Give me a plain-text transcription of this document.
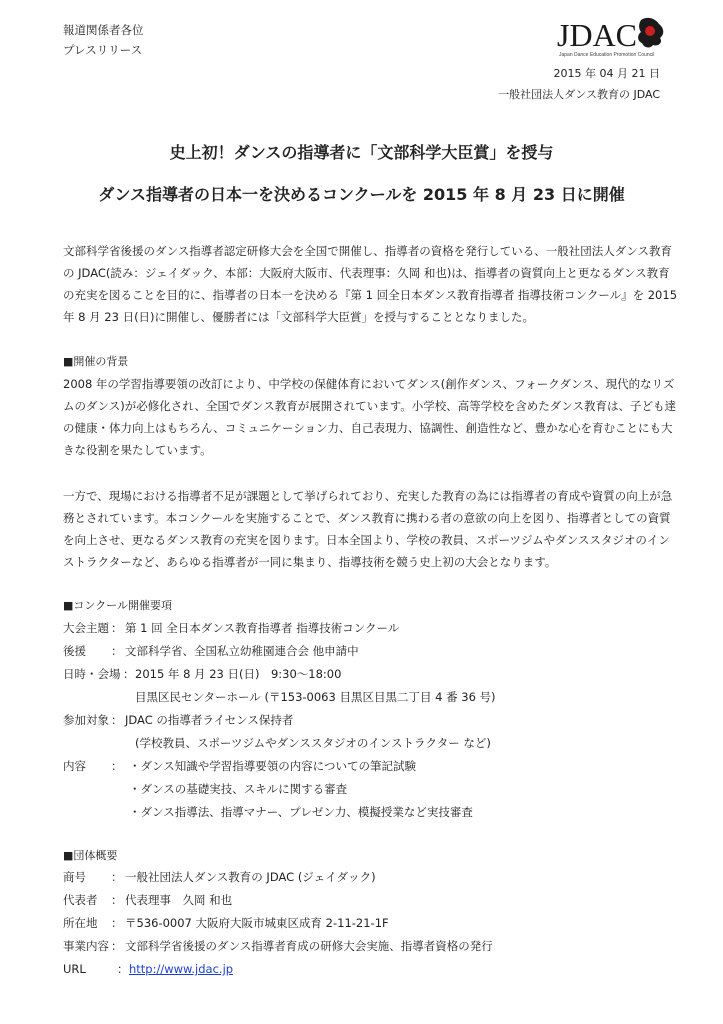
報道関係者各位
プレスリリース	JDAC
Japan Dance Education Promotion Council
2015 年 04 月 21 日
一般社団法人ダンス教育の JDAC
史上初！ダンスの指導者に「文部科学大臣賞」を授与
ダンス指導者の日本一を決めるコンクールを 2015 年 8 月 23 日に開催
文部科学省後援のダンス指導者認定研修大会を全国で開催し、指導者の資格を発行している、一般社団法人ダンス教育
の JDAC(読み：ジェイダック、本部：大阪府大阪市、代表理事：久岡 和也)は、指導者の資質向上と更なるダンス教育
の充実を図ることを目的に、指導者の日本一を決める『第 1 回全日本ダンス教育指導者 指導技術コンクール』を 2015
年 8 月 23 日(日)に開催し、優勝者には「文部科学大臣賞」を授与することとなりました。
■開催の背景
2008 年の学習指導要領の改訂により、中学校の保健体育においてダンス(創作ダンス、フォークダンス、現代的なリズ
ムのダンス)が必修化され、全国でダンス教育が展開されています。小学校、高等学校を含めたダンス教育は、子ども達
の健康・体力向上はもちろん、コミュニケーション力、自己表現力、協調性、創造性など、豊かな心を育むことにも大
きな役割を果たしています。
一方で、現場における指導者不足が課題として挙げられており、充実した教育の為には指導者の育成や資質の向上が急
務とされています。本コンクールを実施することで、ダンス教育に携わる者の意欲の向上を図り、指導者としての資質
を向上させ、更なるダンス教育の充実を図ります。日本全国より、学校の教員、スポーツジムやダンススタジオのイン
ストラクターなど、あらゆる指導者が一同に集まり、指導技術を競う史上初の大会となります。
■コンクール開催要項
大会主題 ： 第 1 回 全日本ダンス教育指導者 指導技術コンクール
後援 ： 文部科学省、全国私立幼稚園連合会 他申請中
日時・会場 ： 2015 年 8 月 23 日(日)　9:30～18:00
目黒区民センターホール (〒153-0063 目黒区目黒二丁目 4 番 36 号)
参加対象 ： JDAC の指導者ライセンス保持者
(学校教員、スポーツジムやダンススタジオのインストラクター など)
内容 ： ・ダンス知識や学習指導要領の内容についての筆記試験
・ダンスの基礎実技、スキルに関する審査
・ダンス指導法、指導マナー、プレゼン力、模擬授業など実技審査
■団体概要
商号 ： 一般社団法人ダンス教育の JDAC (ジェイダック)
代表者 ： 代表理事　久岡 和也
所在地 ： 〒536-0007 大阪府大阪市城東区成育 2-11-21-1F
事業内容 ： 文部科学省後援のダンス指導者育成の研修大会実施、指導者資格の発行
URL	： http://www.jdac.jp
